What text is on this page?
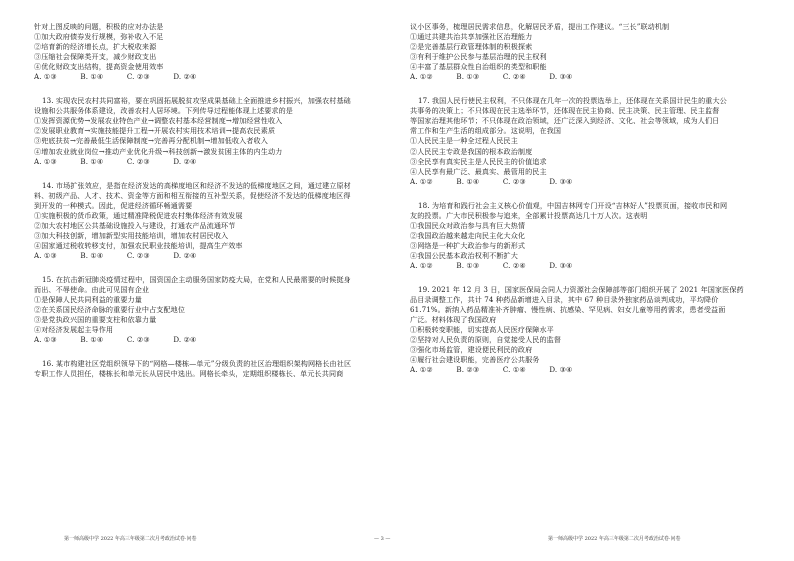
针对上图反映的问题，积极的应对办法是
①加大政府债券发行规模，弥补收入不足
②培育新的经济增长点，扩大税收来源
③压缩社会保障类开支，减少财政支出
④优化财政支出结构，提高资金使用效率
A. ①③          B. ①④          C. ②③          D. ②④
13. 实现农民农村共同富裕，要在巩固拓展脱贫攻坚成果基础上全面推进乡村振兴，加强农村基础
设施和公共服务体系建设，改善农村人居环境。下列传导过程能体现上述要求的是
①发挥资源优势→发展农业特色产业→调整农村基本经营制度→增加经营性收入
②发展职业教育→实施技能提升工程→开展农村实用技术培训→提高农民素质
③兜底扶贫→完善最低生活保障制度→完善再分配机制→增加低收入者收入
④增加农业就业岗位→推动产业优化升级→科技创新→激发贫困主体的内生动力
A. ①③          B. ①④          C. ②③          D. ②④
14. 市场扩张效应，是指在经济发达的高梯度地区和经济不发达的低梯度地区之间，通过建立原材
料、初级产品、人才、技术、资金等方面和相互衔接的互补型关系，促使经济不发达的低梯度地区得
到开发的一种模式。因此，促进经济循环畅通需要
①实施积极的货币政策，通过精准降税促进农村集体经济有效发展
②加大农村地区公共基础设施投入与建设，打通农产品流通环节
③加大科技创新，增加新型实用技能培训，增加农村居民收入
④国家通过税收转移支付，加强农民职业技能培训，提高生产效率
A. ①③          B. ①④          C. ②③          D. ②④
15. 在抗击新冠肺炎疫情过程中，国资国企主动服务国家防疫大局，在党和人民最需要的时候挺身
而出、不辱使命。由此可见国有企业
①是保障人民共同利益的重要力量
②在关系国民经济命脉的重要行业中占支配地位
③是党执政兴国的重要支柱和依靠力量
④对经济发展起主导作用
A. ①③          B. ①④          C. ②③          D. ②④
16. 某市构建社区党组织领导下的“网格—楼栋—单元”分级负责的社区治理组织架构网格长由社区
专职工作人员担任，楼栋长和单元长从居民中选出。网格长牵头，定期组织楼栋长、单元长共同商
议小区事务，梳理居民需求信息，化解居民矛盾，提出工作建议。“三长”联动机制
①通过共建共治共享加强社区治理能力
②是完善基层行政管理体制的积极探索
③有利于维护公民参与基层治理的民主权利
④丰富了基层群众性自治组织的类型和职能
A. ①②          B. ①③          C. ②④          D. ③④
17. 我国人民行使民主权利，不只体现在几年一次的投票选举上，还体现在关系国计民生的重大公
共事务的决策上；不只体现在民主选举环节，还体现在民主协商、民主决策、民主管理、民主监督
等国家治理其他环节；不只体现在政治领域，还广泛深入到经济、文化、社会等领域，成为人们日
常工作和生产生活的组成部分。这说明，在我国
①人民民主是一种全过程人民民主
②人民民主专政是我国的根本政治制度
③全民享有真实民主是人民民主的价值追求
④人民享有最广泛、最真实、最管用的民主
A. ①②          B. ①④          C. ②③          D. ③④
18. 为培育和践行社会主义核心价值观，中国吉林网专门开设“吉林好人”投票页面，接收市民和网
友的投票。广大市民积极参与追来，全部累计投票高达几十万人次。这表明
①我国民众对政治参与具有巨大热情
②我国政治越来越走向民主化大众化
③网络是一种扩大政治参与的新形式
④我国公民基本政治权利不断扩大
A. ①②          B. ①③          C. ②④          D. ③④
19. 2021 年 12 月 3 日，国家医保局会同人力资源社会保障部等部门组织开展了 2021 年国家医保药
品目录调整工作，共计 74 种药品新增进入目录，其中 67 种目录外独家药品谈判成功，平均降价
61.71%。新纳入药品精准补齐肿瘤、慢性病、抗感染、罕见病、妇女儿童等用药需求，患者受益面
广泛。材料体现了我国政府
①积极转变职能，切实提高人民医疗保障水平
②坚持对人民负责的原则，自觉接受人民的监督
③强化市场监管，建设便民利民的政府
④履行社会建设职能，完善医疗公共服务
A. ①②          B. ②③          C. ①④          D. ③④
第一师高级中学 2022 年高三年级第二次月考政治试卷·问卷	— 3 —	第一师高级中学 2022 年高三年级第二次月考政治试卷·问卷
